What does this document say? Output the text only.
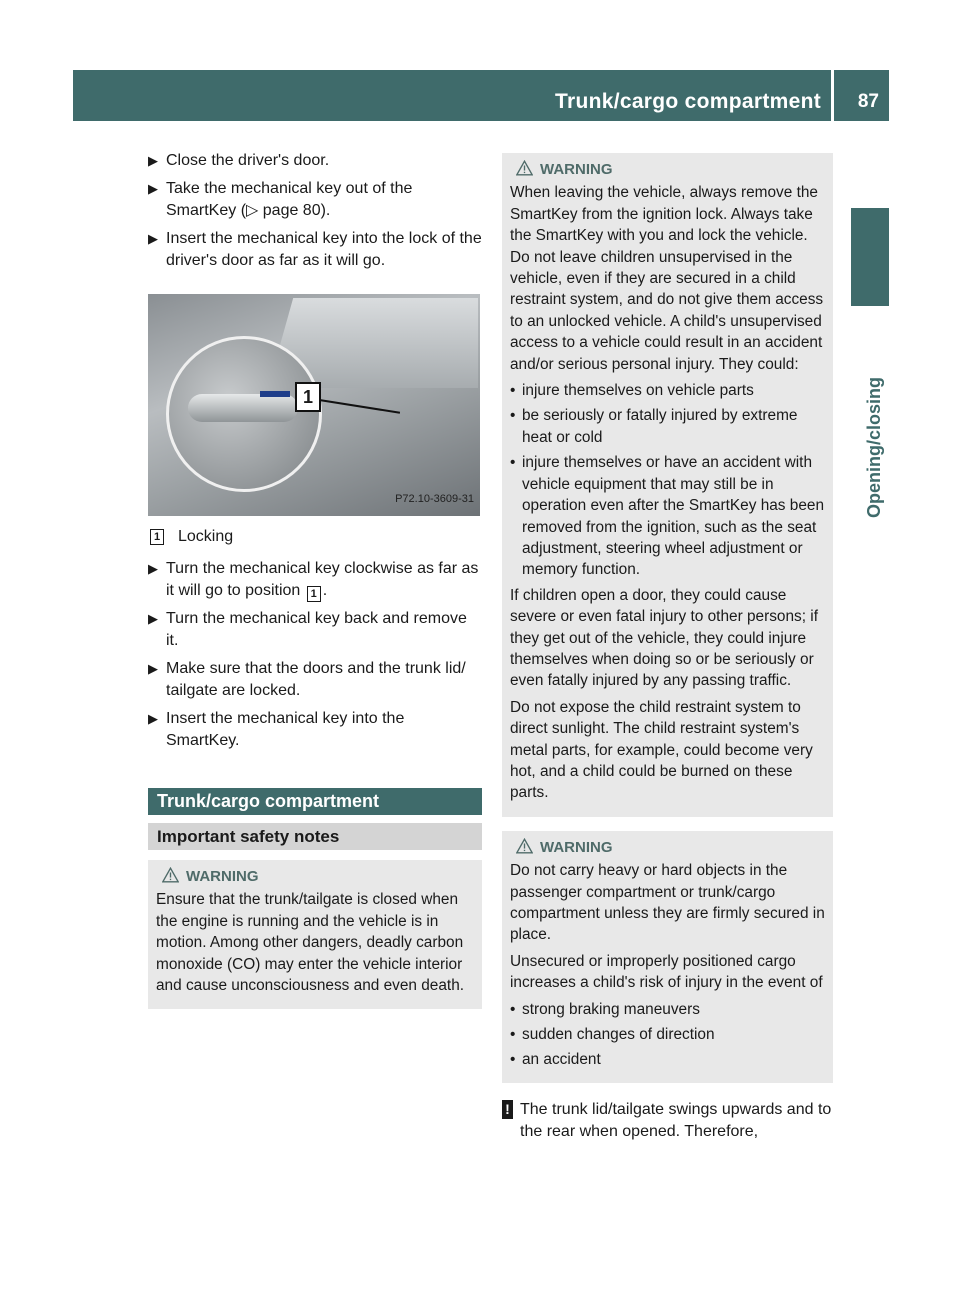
Trunk/cargo compartment 87
Opening/closing
▶ Close the driver's door.
▶ Take the mechanical key out of the SmartKey (▷ page 80).
▶ Insert the mechanical key into the lock of the driver's door as far as it will go.
1
P72.10-3609-31
1 Locking
▶ Turn the mechanical key clockwise as far as it will go to position 1 .
▶ Turn the mechanical key back and remove it.
▶ Make sure that the doors and the trunk lid/ tailgate are locked.
▶ Insert the mechanical key into the SmartKey.
Trunk/cargo compartment
Important safety notes
WARNING

Ensure that the trunk/tailgate is closed when the engine is running and the vehicle is in motion. Among other dangers, deadly carbon monoxide (CO) may enter the vehicle interior and cause unconsciousness and even death.

WARNING

When leaving the vehicle, always remove the SmartKey from the ignition lock. Always take the SmartKey with you and lock the vehicle. Do not leave children unsupervised in the vehicle, even if they are secured in a child restraint system, and do not give them access to an unlocked vehicle. A child's unsupervised access to a vehicle could result in an accident and/or serious personal injury. They could:

• injure themselves on vehicle parts
• be seriously or fatally injured by extreme heat or cold
• injure themselves or have an accident with vehicle equipment that may still be in operation even after the SmartKey has been removed from the ignition, such as the seat adjustment, steering wheel adjustment or memory function.

If children open a door, they could cause severe or even fatal injury to other persons; if they get out of the vehicle, they could injure themselves when doing so or be seriously or even fatally injured by any passing traffic.

Do not expose the child restraint system to direct sunlight. The child restraint system's metal parts, for example, could become very hot, and a child could be burned on these parts.

WARNING

Do not carry heavy or hard objects in the passenger compartment or trunk/cargo compartment unless they are firmly secured in place.

Unsecured or improperly positioned cargo increases a child's risk of injury in the event of

• strong braking maneuvers
• sudden changes of direction
• an accident
! The trunk lid/tailgate swings upwards and to the rear when opened. Therefore,
